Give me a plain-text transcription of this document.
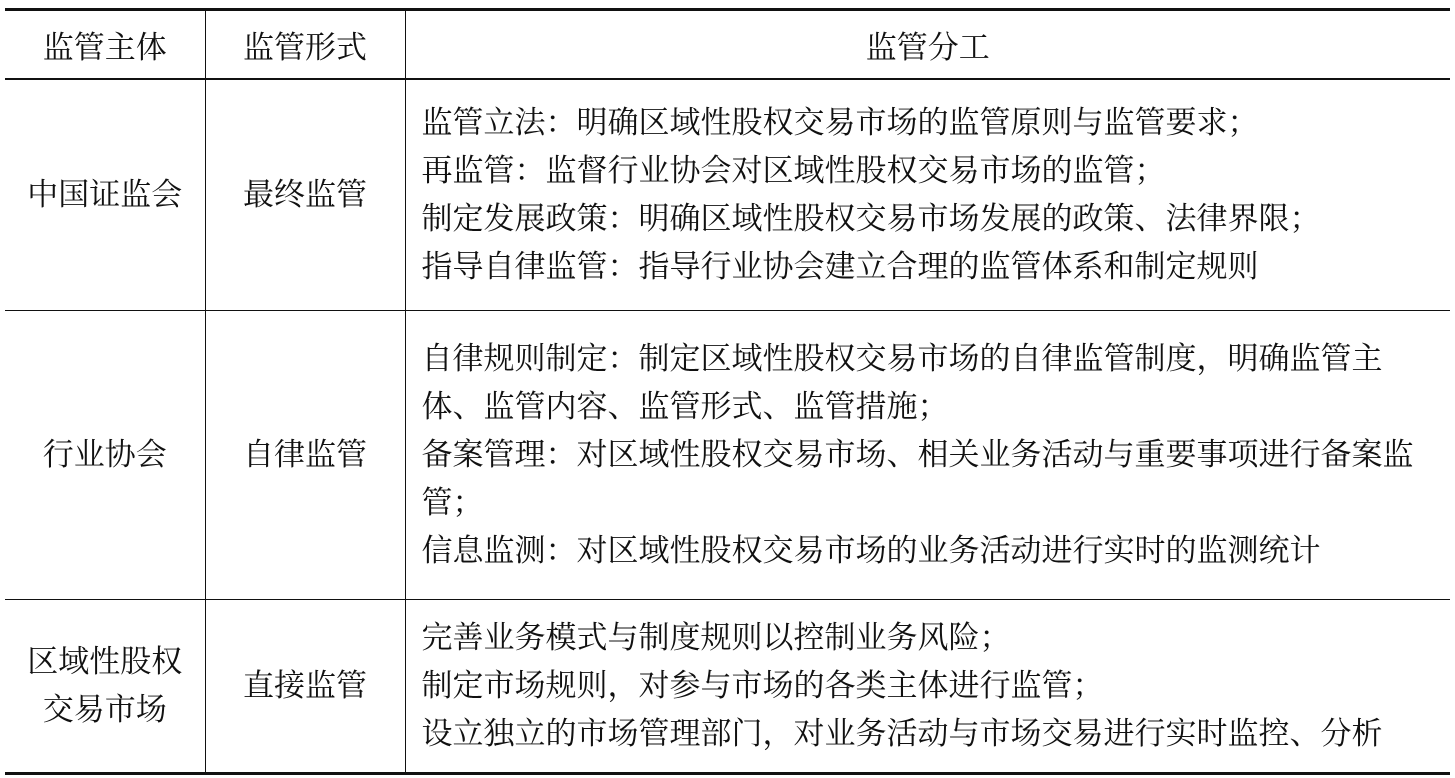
监管主体	监管形式	监管分工

中国证监会	最终监管	监管立法：明确区域性股权交易市场的监管原则与监管要求；
再监管：监督行业协会对区域性股权交易市场的监管；
制定发展政策：明确区域性股权交易市场发展的政策、法律界限；
指导自律监管：指导行业协会建立合理的监管体系和制定规则

行业协会	自律监管	自律规则制定：制定区域性股权交易市场的自律监管制度，明确监管主体、监管内容、监管形式、监管措施；
备案管理：对区域性股权交易市场、相关业务活动与重要事项进行备案监管；
信息监测：对区域性股权交易市场的业务活动进行实时的监测统计

区域性股权
交易市场	直接监管	完善业务模式与制度规则以控制业务风险；
制定市场规则，对参与市场的各类主体进行监管；
设立独立的市场管理部门，对业务活动与市场交易进行实时监控、分析
